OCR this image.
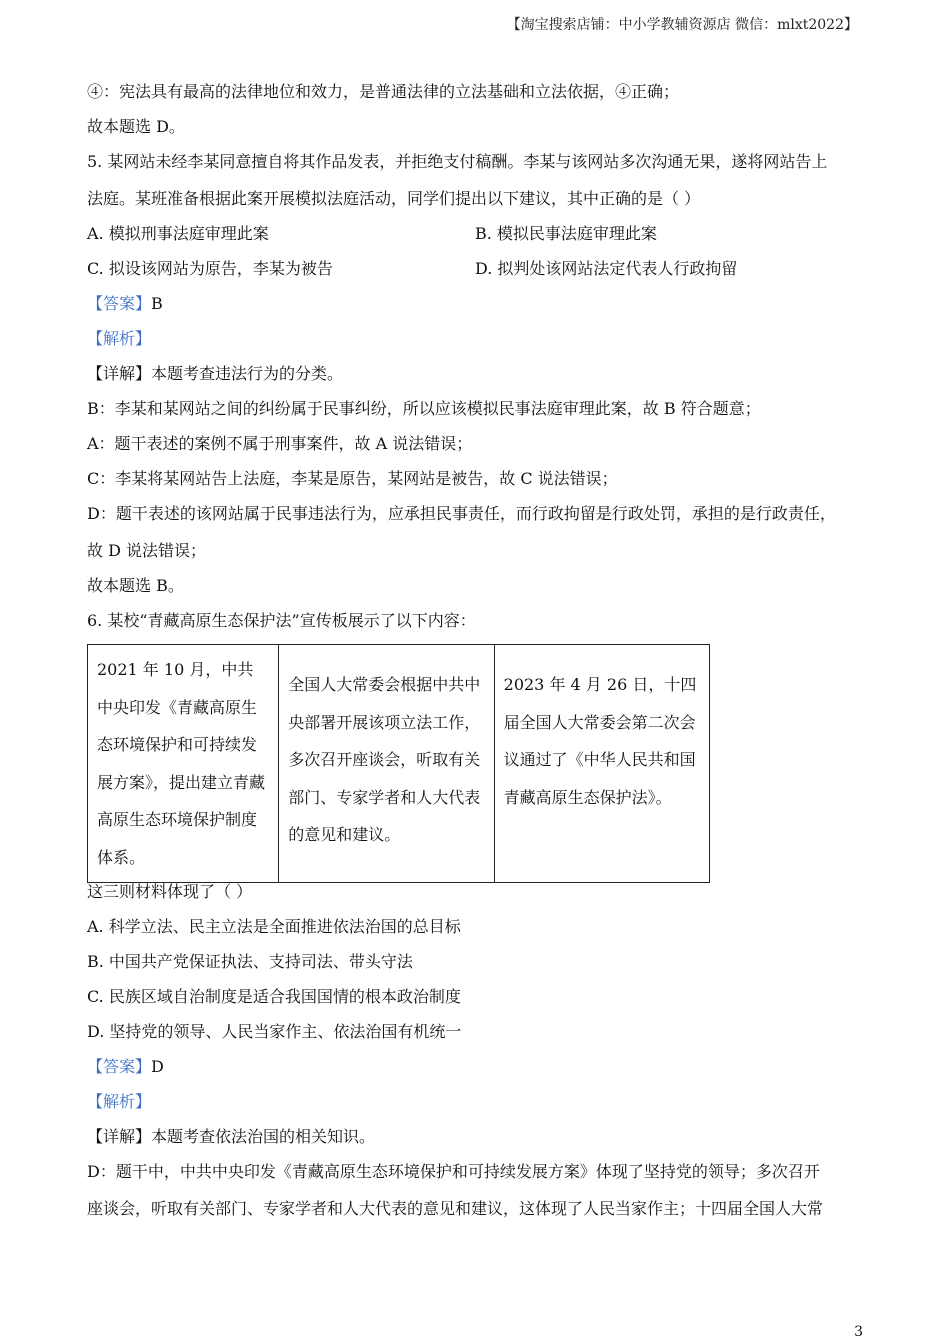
【淘宝搜索店铺：中小学教辅资源店 微信：mlxt2022】
④：宪法具有最高的法律地位和效力，是普通法律的立法基础和立法依据，④正确；
故本题选 D。
5. 某网站未经李某同意擅自将其作品发表，并拒绝支付稿酬。李某与该网站多次沟通无果，遂将网站告上
法庭。某班准备根据此案开展模拟法庭活动，同学们提出以下建议，其中正确的是（ ）
A. 模拟刑事法庭审理此案	B. 模拟民事法庭审理此案
C. 拟设该网站为原告，李某为被告	D. 拟判处该网站法定代表人行政拘留
【答案】B
【解析】
【详解】本题考查违法行为的分类。
B：李某和某网站之间的纠纷属于民事纠纷，所以应该模拟民事法庭审理此案，故 B 符合题意；
A：题干表述的案例不属于刑事案件，故 A 说法错误；
C：李某将某网站告上法庭，李某是原告，某网站是被告，故 C 说法错误；
D：题干表述的该网站属于民事违法行为，应承担民事责任，而行政拘留是行政处罚，承担的是行政责任，
故 D 说法错误；
故本题选 B。
6. 某校“青藏高原生态保护法”宣传板展示了以下内容：
2021 年 10 月，中共中央印发《青藏高原生态环境保护和可持续发展方案》，提出建立青藏高原生态环境保护制度体系。	全国人大常委会根据中共中央部署开展该项立法工作，多次召开座谈会，听取有关部门、专家学者和人大代表的意见和建议。	2023 年 4 月 26 日，十四届全国人大常委会第二次会议通过了《中华人民共和国青藏高原生态保护法》。
这三则材料体现了（ ）
A. 科学立法、民主立法是全面推进依法治国的总目标
B. 中国共产党保证执法、支持司法、带头守法
C. 民族区域自治制度是适合我国国情的根本政治制度
D. 坚持党的领导、人民当家作主、依法治国有机统一
【答案】D
【解析】
【详解】本题考查依法治国的相关知识。
D：题干中，中共中央印发《青藏高原生态环境保护和可持续发展方案》体现了坚持党的领导；多次召开
座谈会，听取有关部门、专家学者和人大代表的意见和建议，这体现了人民当家作主；十四届全国人大常
3
